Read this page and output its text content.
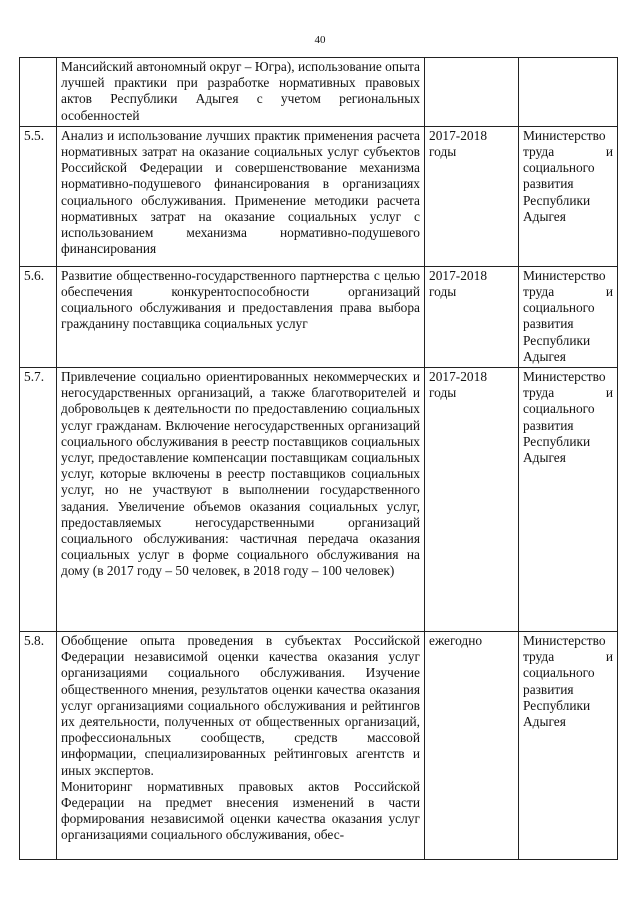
40

	Мансийский автономный округ – Югра), использование опыта лучшей практики при разработке нормативных правовых актов Республики Адыгея с учетом региональных особенностей		

5.5.	Анализ и использование лучших практик применения расчета нормативных затрат на оказание социальных услуг субъектов Российской Федерации и совершенствование механизма нормативно-подушевого финансирования в организациях социального обслуживания. Применение методики расчета нормативных затрат на оказание социальных услуг с использованием механизма нормативно-подушевого финансирования	2017-2018 годы	Министерство труда и социального развития Республики Адыгея
5.6.	Развитие общественно-государственного партнерства с целью обеспечения конкурентоспособности организаций социального обслуживания и предоставления права выбора гражданину поставщика социальных услуг	2017-2018 годы	Министерство труда и социального развития Республики Адыгея
5.7.	Привлечение социально ориентированных некоммерческих и негосударственных организаций, а также благотворителей и добровольцев к деятельности по предоставлению социальных услуг гражданам. Включение негосударственных организаций социального обслуживания в реестр поставщиков социальных услуг, предоставление компенсации поставщикам социальных услуг, которые включены в реестр поставщиков социальных услуг, но не участвуют в выполнении государственного задания. Увеличение объемов оказания социальных услуг, предоставляемых негосударственными организаций социального обслуживания: частичная передача оказания социальных услуг в форме социального обслуживания на дому (в 2017 году – 50 человек, в 2018 году – 100 человек)	2017-2018 годы	Министерство труда и социального развития Республики Адыгея
5.8.	Обобщение опыта проведения в субъектах Российской Федерации независимой оценки качества оказания услуг организациями социального обслуживания. Изучение общественного мнения, результатов оценки качества оказания услуг организациями социального обслуживания и рейтингов их деятельности, полученных от общественных организаций, профессиональных сообществ, средств массовой информации, специализированных рейтинговых агентств и иных экспертов.
Мониторинг нормативных правовых актов Российской Федерации на предмет внесения изменений в части формирования независимой оценки качества оказания услуг организациями социального обслуживания, обес-	ежегодно	Министерство труда и социального развития Республики Адыгея
